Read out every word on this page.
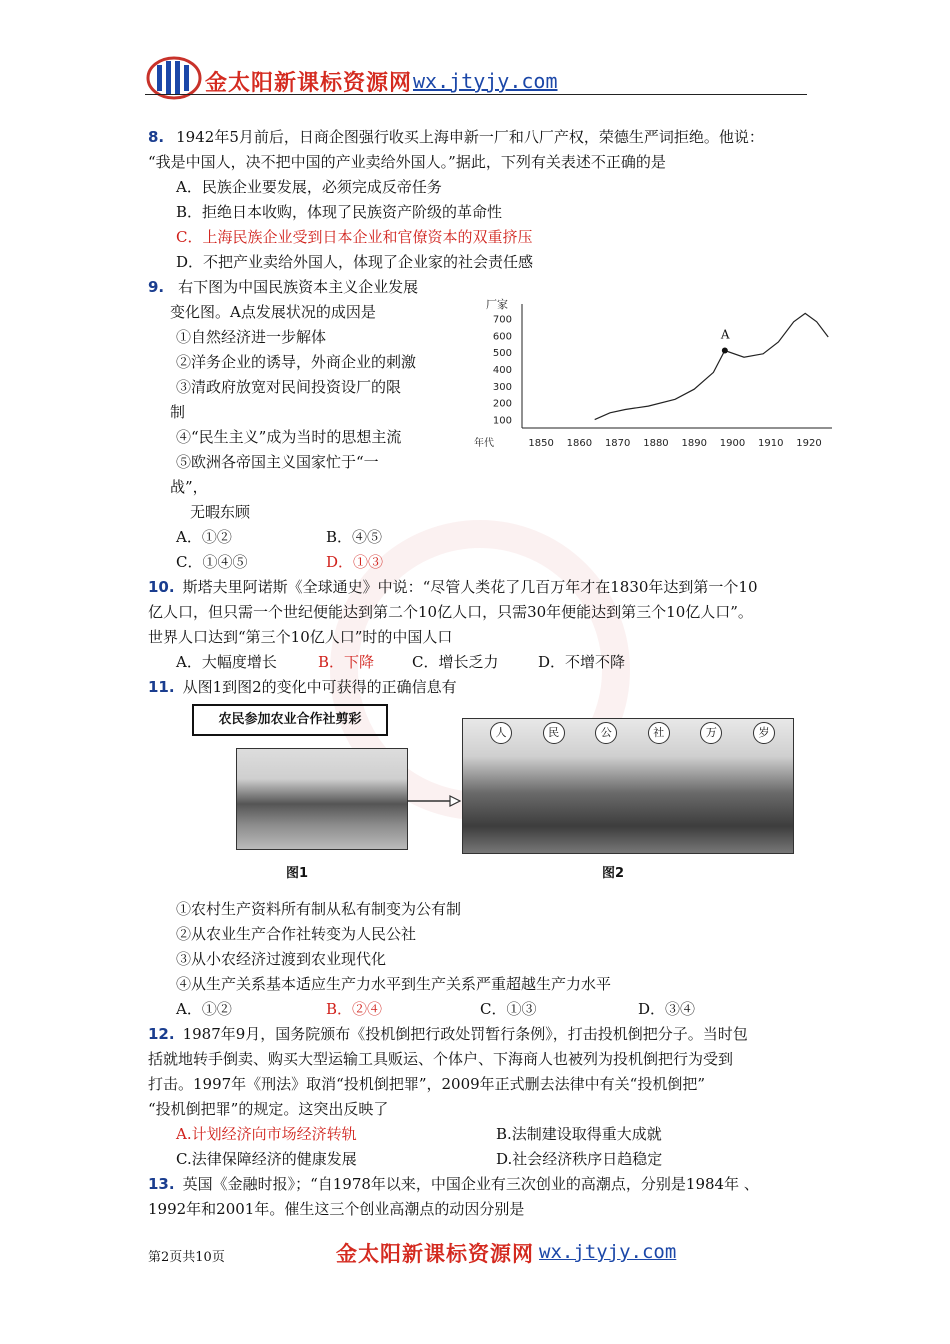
金太阳新课标资源网 wx.jtyjy.com
8. 1942年5月前后，日商企图强行收买上海申新一厂和八厂产权，荣德生严词拒绝。他说：
“我是中国人，决不把中国的产业卖给外国人。”据此，下列有关表述不正确的是
A．民族企业要发展，必须完成反帝任务
B．拒绝日本收购，体现了民族资产阶级的革命性
C．上海民族企业受到日本企业和官僚资本的双重挤压
D．不把产业卖给外国人，体现了企业家的社会责任感
9. 右下图为中国民族资本主义企业发展
变化图。A点发展状况的成因是
①自然经济进一步解体
②洋务企业的诱导，外商企业的刺激
③清政府放宽对民间投资设厂的限
制
④“民生主义”成为当时的思想主流
⑤欧洲各帝国主义国家忙于“一
战”，
无暇东顾
A．①②	B．④⑤
C．①④⑤	D．①③
厂家
100
200
300
400
500
600
700
年代	1850 1860 1870 1880 1890 1900 1910 1920
A
10. 斯塔夫里阿诺斯《全球通史》中说：“尽管人类花了几百万年才在1830年达到第一个10
亿人口，但只需一个世纪便能达到第二个10亿人口，只需30年便能达到第三个10亿人口”。
世界人口达到“第三个10亿人口”时的中国人口
A．大幅度增长	B．下降	C．增长乏力	D．不增不降
11. 从图1到图2的变化中可获得的正确信息有
农民参加农业合作社剪彩
人	民	公	社	万	岁
图1	图2
①农村生产资料所有制从私有制变为公有制
②从农业生产合作社转变为人民公社
③从小农经济过渡到农业现代化
④从生产关系基本适应生产力水平到生产关系严重超越生产力水平
A．①②	B．②④	C．①③	D．③④
12. 1987年9月，国务院颁布《投机倒把行政处罚暂行条例》，打击投机倒把分子。当时包
括就地转手倒卖、购买大型运输工具贩运、个体户、下海商人也被列为投机倒把行为受到
打击。1997年《刑法》取消“投机倒把罪”，2009年正式删去法律中有关“投机倒把”
“投机倒把罪”的规定。这突出反映了
A.计划经济向市场经济转轨	B.法制建设取得重大成就
C.法律保障经济的健康发展	D.社会经济秩序日趋稳定
13. 英国《金融时报》；“自1978年以来，中国企业有三次创业的高潮点，分别是1984年 、
1992年和2001年。催生这三个创业高潮点的动因分别是
第2页共10页	金太阳新课标资源网 wx.jtyjy.com
